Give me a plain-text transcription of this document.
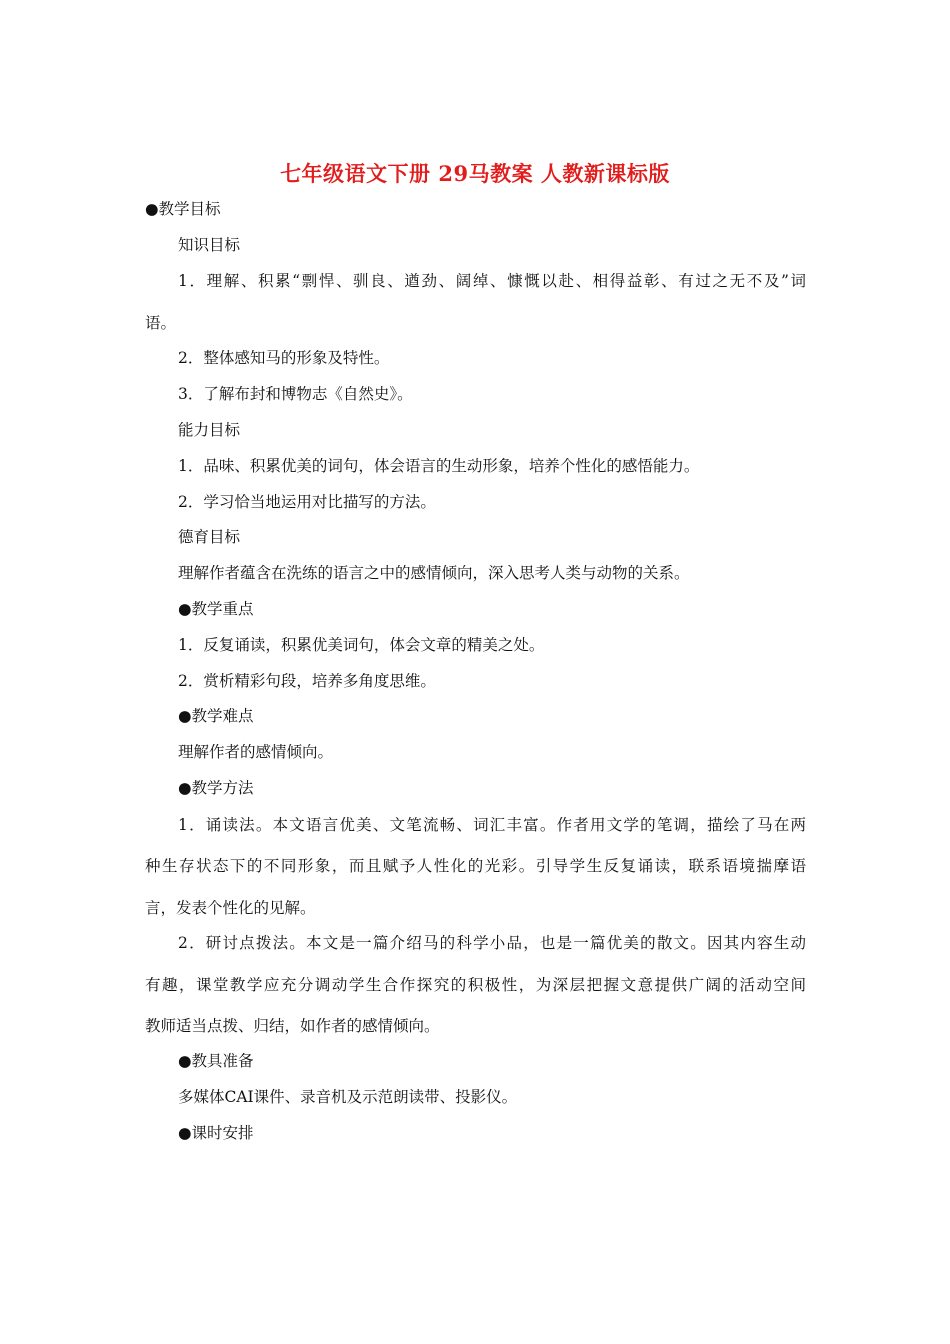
七年级语文下册 29马教案 人教新课标版
●教学目标
知识目标
1．理解、积累“剽悍、驯良、遒劲、阔绰、慷慨以赴、相得益彰、有过之无不及”词
语。
2．整体感知马的形象及特性。
3．了解布封和博物志《自然史》。
能力目标
1．品味、积累优美的词句，体会语言的生动形象，培养个性化的感悟能力。
2．学习恰当地运用对比描写的方法。
德育目标
理解作者蕴含在洗练的语言之中的感情倾向，深入思考人类与动物的关系。
●教学重点
1．反复诵读，积累优美词句，体会文章的精美之处。
2．赏析精彩句段，培养多角度思维。
●教学难点
理解作者的感情倾向。
●教学方法
1．诵读法。本文语言优美、文笔流畅、词汇丰富。作者用文学的笔调，描绘了马在两
种生存状态下的不同形象，而且赋予人性化的光彩。引导学生反复诵读，联系语境揣摩语
言，发表个性化的见解。
2．研讨点拨法。本文是一篇介绍马的科学小品，也是一篇优美的散文。因其内容生动
有趣，课堂教学应充分调动学生合作探究的积极性，为深层把握文意提供广阔的活动空间
教师适当点拨、归结，如作者的感情倾向。
●教具准备
多媒体CAI课件、录音机及示范朗读带、投影仪。
●课时安排
